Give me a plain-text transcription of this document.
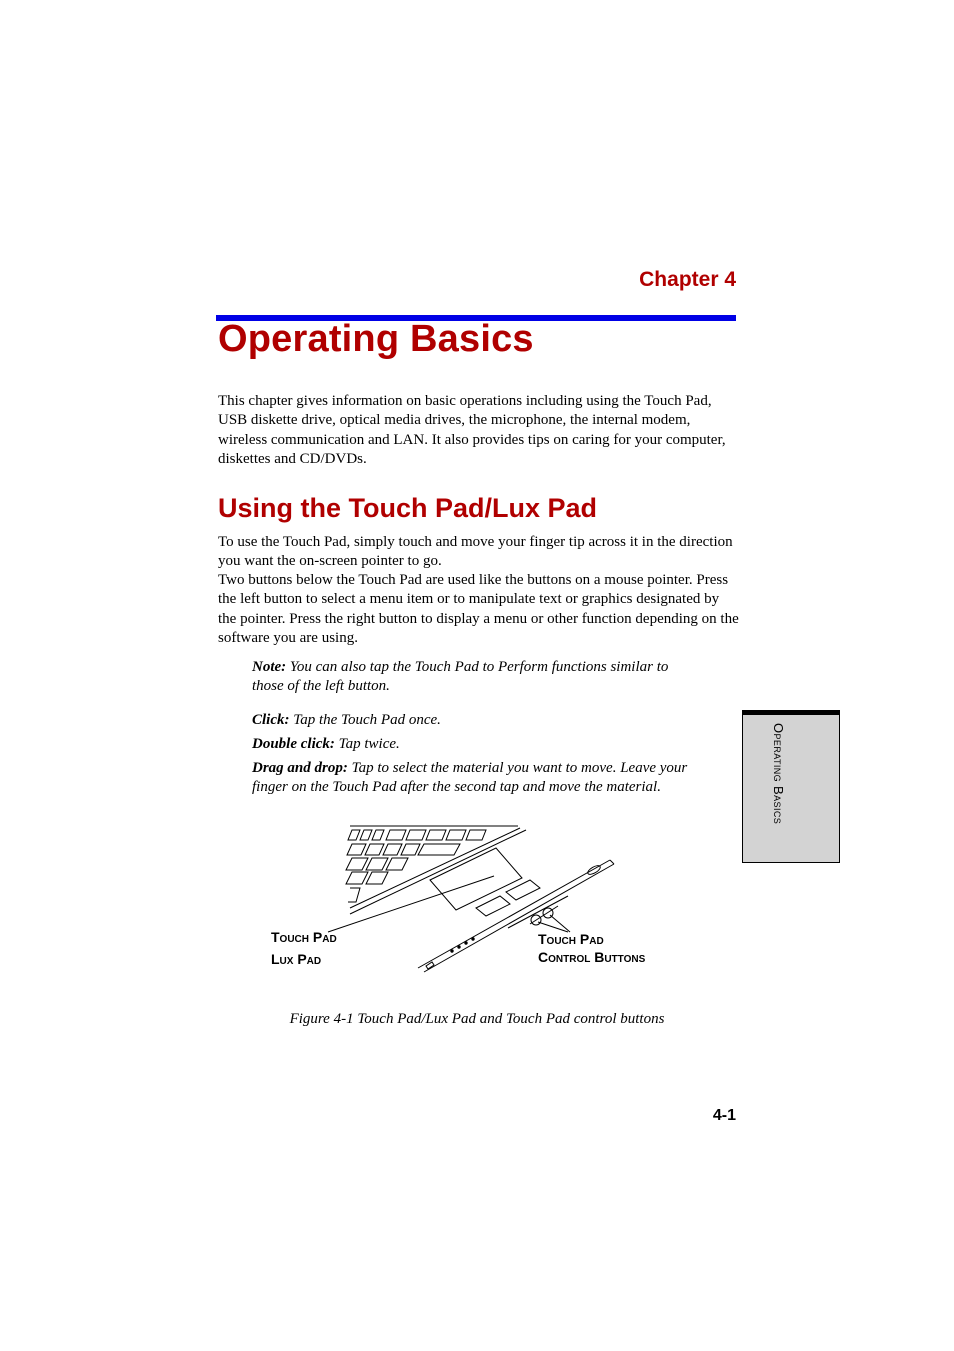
Chapter 4
Operating Basics
This chapter gives information on basic operations including using the Touch Pad, USB diskette drive, optical media drives, the microphone, the internal modem, wireless communication and LAN. It also provides tips on caring for your computer, diskettes and CD/DVDs.
Using the Touch Pad/Lux Pad
To use the Touch Pad, simply touch and move your finger tip across it in the direction you want the on-screen pointer to go.
Two buttons below the Touch Pad are used like the buttons on a mouse pointer. Press the left button to select a menu item or to manipulate text or graphics designated by the pointer. Press the right button to display a menu or other function depending on the software you are using.
Note: You can also tap the Touch Pad to Perform functions similar to those of the left button.
Click: Tap the Touch Pad once.
Double click: Tap twice.
Drag and drop: Tap to select the material you want to move. Leave your finger on the Touch Pad after the second tap and move the material.
Touch Pad
Lux Pad
Touch Pad
Control Buttons
Figure 4-1 Touch Pad/Lux Pad and Touch Pad control buttons
4-1
Operating Basics
